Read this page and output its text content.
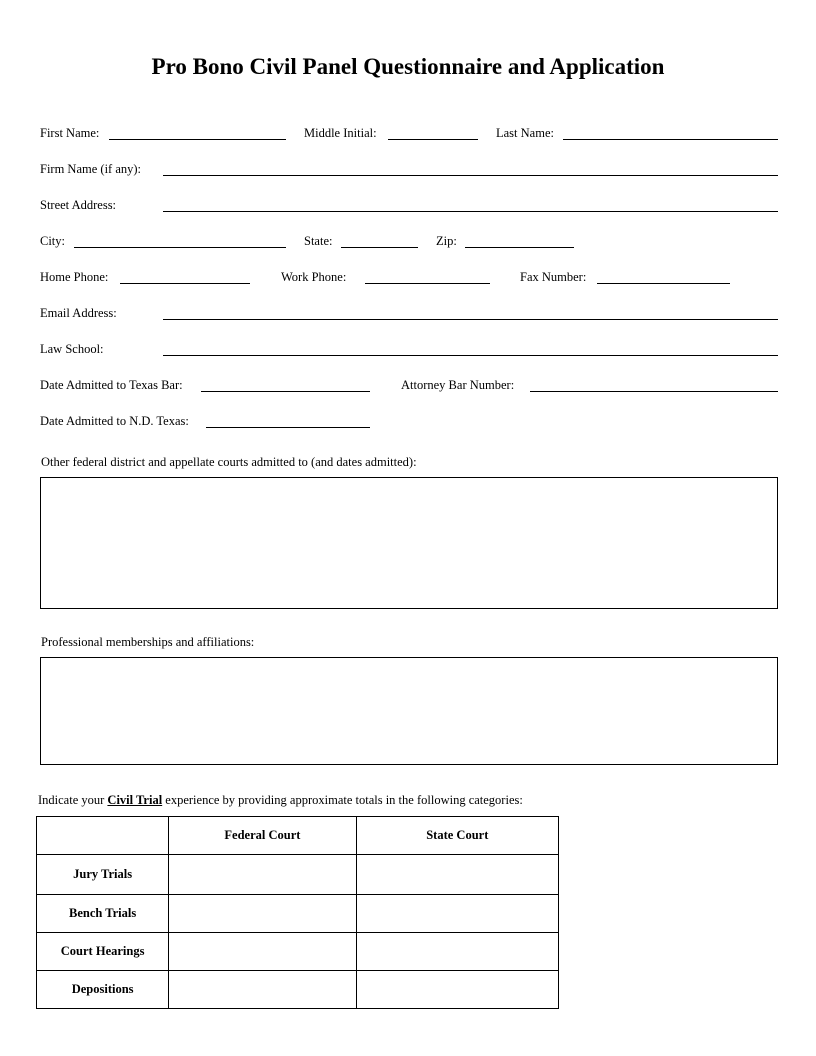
Pro Bono Civil Panel Questionnaire and Application
First Name:	Middle Initial:	Last Name:
Firm Name (if any):
Street Address:
City:	State:	Zip:
Home Phone:	Work Phone:	Fax Number:
Email Address:
Law School:
Date Admitted to Texas Bar:	Attorney Bar Number:
Date Admitted to N.D. Texas:
Other federal district and appellate courts admitted to (and dates admitted):
Professional memberships and affiliations:
Indicate your Civil Trial experience by providing approximate totals in the following categories:
	Federal Court	State Court
Jury Trials		
Bench Trials		
Court Hearings		
Depositions		
